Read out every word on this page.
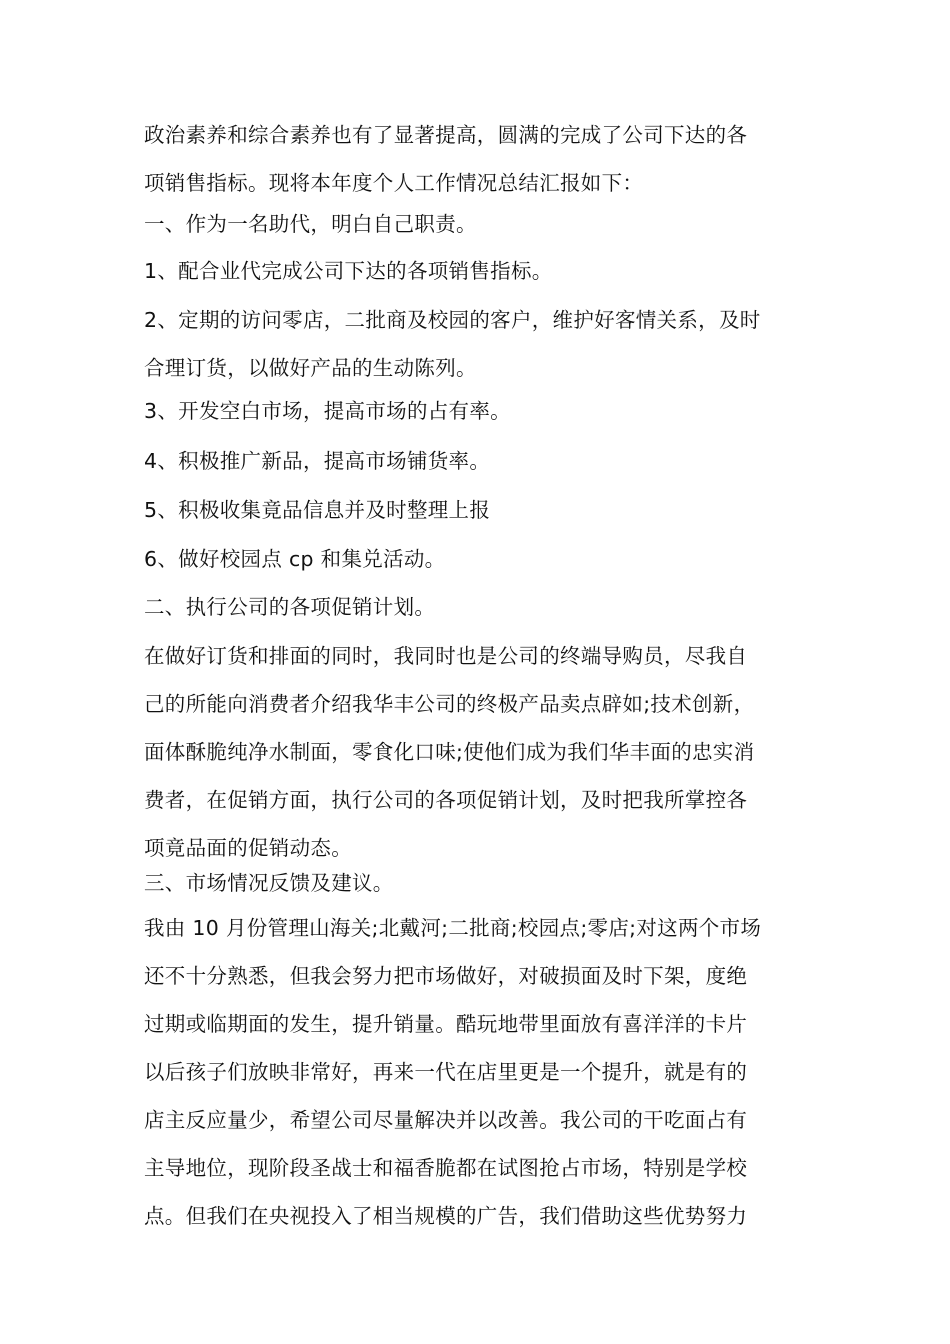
政治素养和综合素养也有了显著提高，圆满的完成了公司下达的各
项销售指标。现将本年度个人工作情况总结汇报如下：
一、作为一名助代，明白自己职责。
1、配合业代完成公司下达的各项销售指标。
2、定期的访问零店，二批商及校园的客户，维护好客情关系，及时
合理订货，以做好产品的生动陈列。
3、开发空白市场，提高市场的占有率。
4、积极推广新品，提高市场铺货率。
5、积极收集竟品信息并及时整理上报
6、做好校园点 cp 和集兑活动。
二、执行公司的各项促销计划。
在做好订货和排面的同时，我同时也是公司的终端导购员，尽我自
己的所能向消费者介绍我华丰公司的终极产品卖点辟如;技术创新，
面体酥脆纯净水制面，零食化口味;使他们成为我们华丰面的忠实消
费者，在促销方面，执行公司的各项促销计划，及时把我所掌控各
项竟品面的促销动态。
三、市场情况反馈及建议。
我由 10 月份管理山海关;北戴河;二批商;校园点;零店;对这两个市场
还不十分熟悉，但我会努力把市场做好，对破损面及时下架，度绝
过期或临期面的发生，提升销量。酷玩地带里面放有喜洋洋的卡片
以后孩子们放映非常好，再来一代在店里更是一个提升，就是有的
店主反应量少，希望公司尽量解决并以改善。我公司的干吃面占有
主导地位，现阶段圣战士和福香脆都在试图抢占市场，特别是学校
点。但我们在央视投入了相当规模的广告，我们借助这些优势努力
